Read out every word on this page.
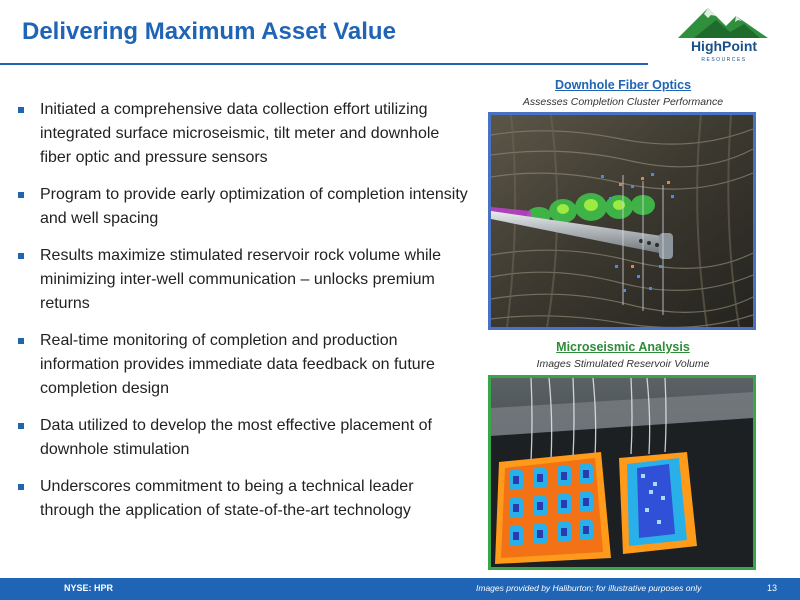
Delivering Maximum Asset Value
HighPoint
RESOURCES
Initiated a comprehensive data collection effort utilizing integrated surface microseismic, tilt meter and downhole fiber optic and pressure sensors
Program to provide early optimization of completion intensity and well spacing
Results maximize stimulated reservoir rock volume while minimizing inter-well communication – unlocks premium returns
Real-time monitoring of completion and production information provides immediate data feedback on future completion design
Data utilized to develop the most effective placement of downhole stimulation
Underscores commitment to being a technical leader through the application of state-of-the-art technology
Downhole Fiber Optics
Assesses Completion Cluster Performance
Microseismic Analysis
Images Stimulated Reservoir Volume
NYSE: HPR	Images provided by Haliburton; for illustrative purposes only	13
